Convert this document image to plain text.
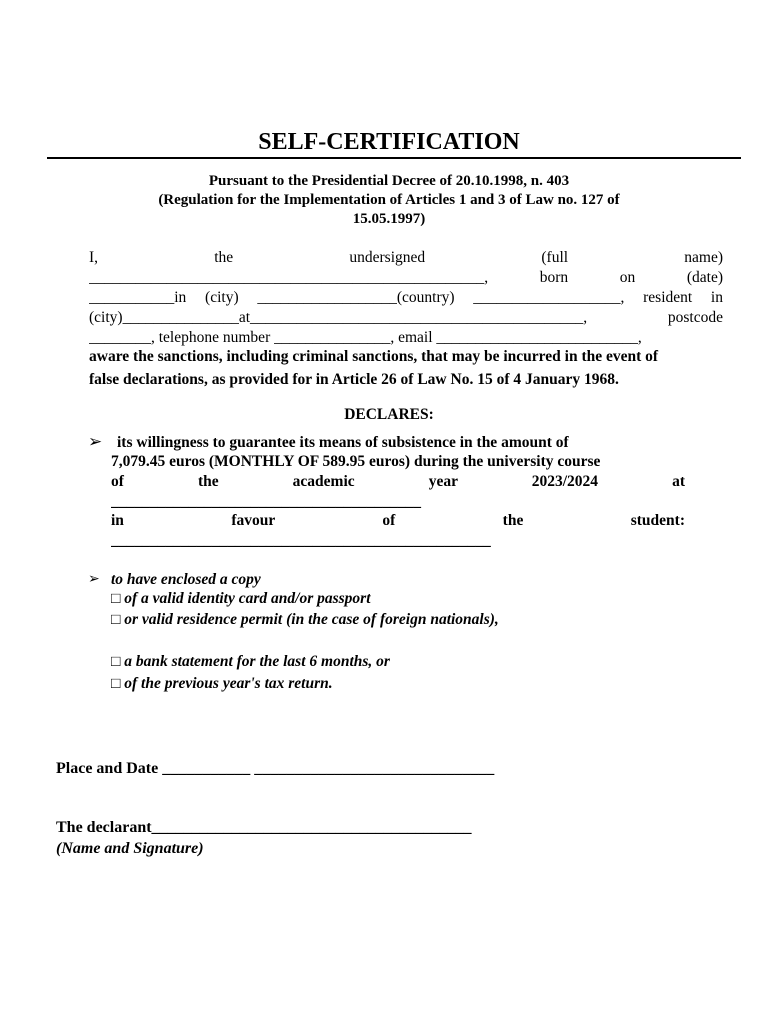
SELF-CERTIFICATION
Pursuant to the Presidential Decree of 20.10.1998, n. 403
(Regulation for the Implementation of Articles 1 and 3 of Law no. 127 of
15.05.1997)
I, the undersigned (full name)
___________________________________________________, born on (date)
___________in (city) __________________(country) ___________________, resident in
(city)_______________at___________________________________________, postcode
________, telephone number _______________, email __________________________,
aware the sanctions, including criminal sanctions, that may be incurred in the event of
false declarations, as provided for in Article 26 of Law No. 15 of 4 January 1968.
DECLARES:
➢ its willingness to guarantee its means of subsistence in the amount of
7,079.45 euros (MONTHLY OF 589.95 euros) during the university course
of the academic year 2023/2024 at
________________________________________
in favour of the student:
_________________________________________________
➢ to have enclosed a copy
□ of a valid identity card and/or passport
□ or valid residence permit (in the case of foreign nationals),
□ a bank statement for the last 6 months, or
□ of the previous year's tax return.
Place and Date ___________ ______________________________
The declarant________________________________________
(Name and Signature)
